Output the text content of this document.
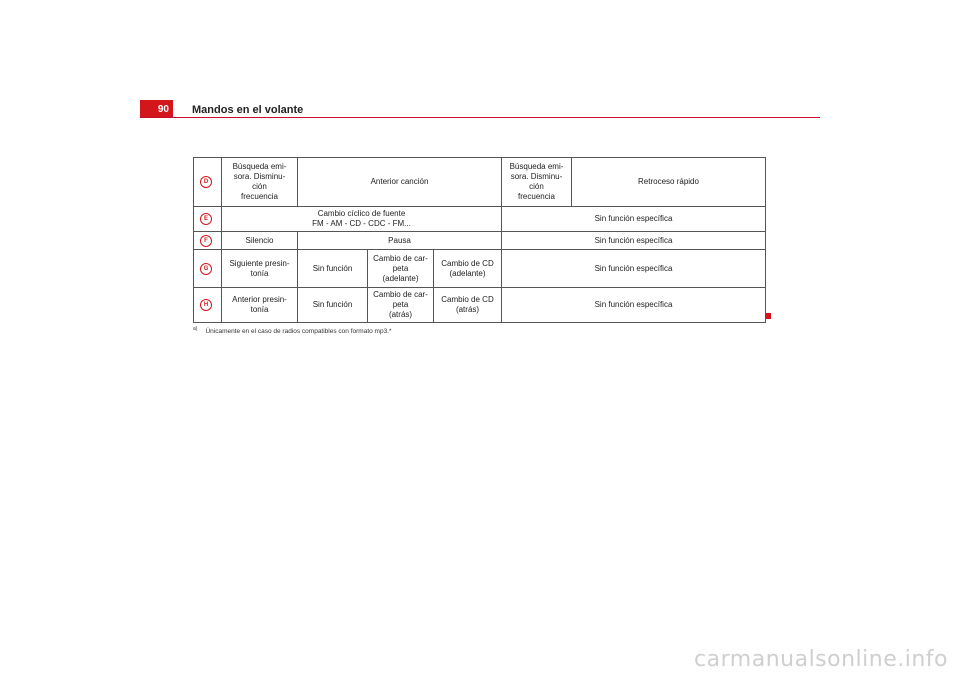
90	Mandos en el volante
D	Búsqueda emi-
sora. Disminu-
ción
frecuencia	Anterior canción			Búsqueda emi-
sora. Disminu-
ción
frecuencia	Retroceso rápido
E	Cambio cíclico de fuente
FM - AM - CD - CDC - FM...				Sin función específica	
F	Silencio	Pausa			Sin función específica	
G	Siguiente presin-
tonía	Sin función	Cambio de car-
peta
(adelante)	Cambio de CD
(adelante)	Sin función específica	
H	Anterior presin-
tonía	Sin función	Cambio de car-
peta
(atrás)	Cambio de CD
(atrás)	Sin función específica	
$^{a)}$ Únicamente en el caso de radios compatibles con formato mp3.*
carmanualsonline.info
